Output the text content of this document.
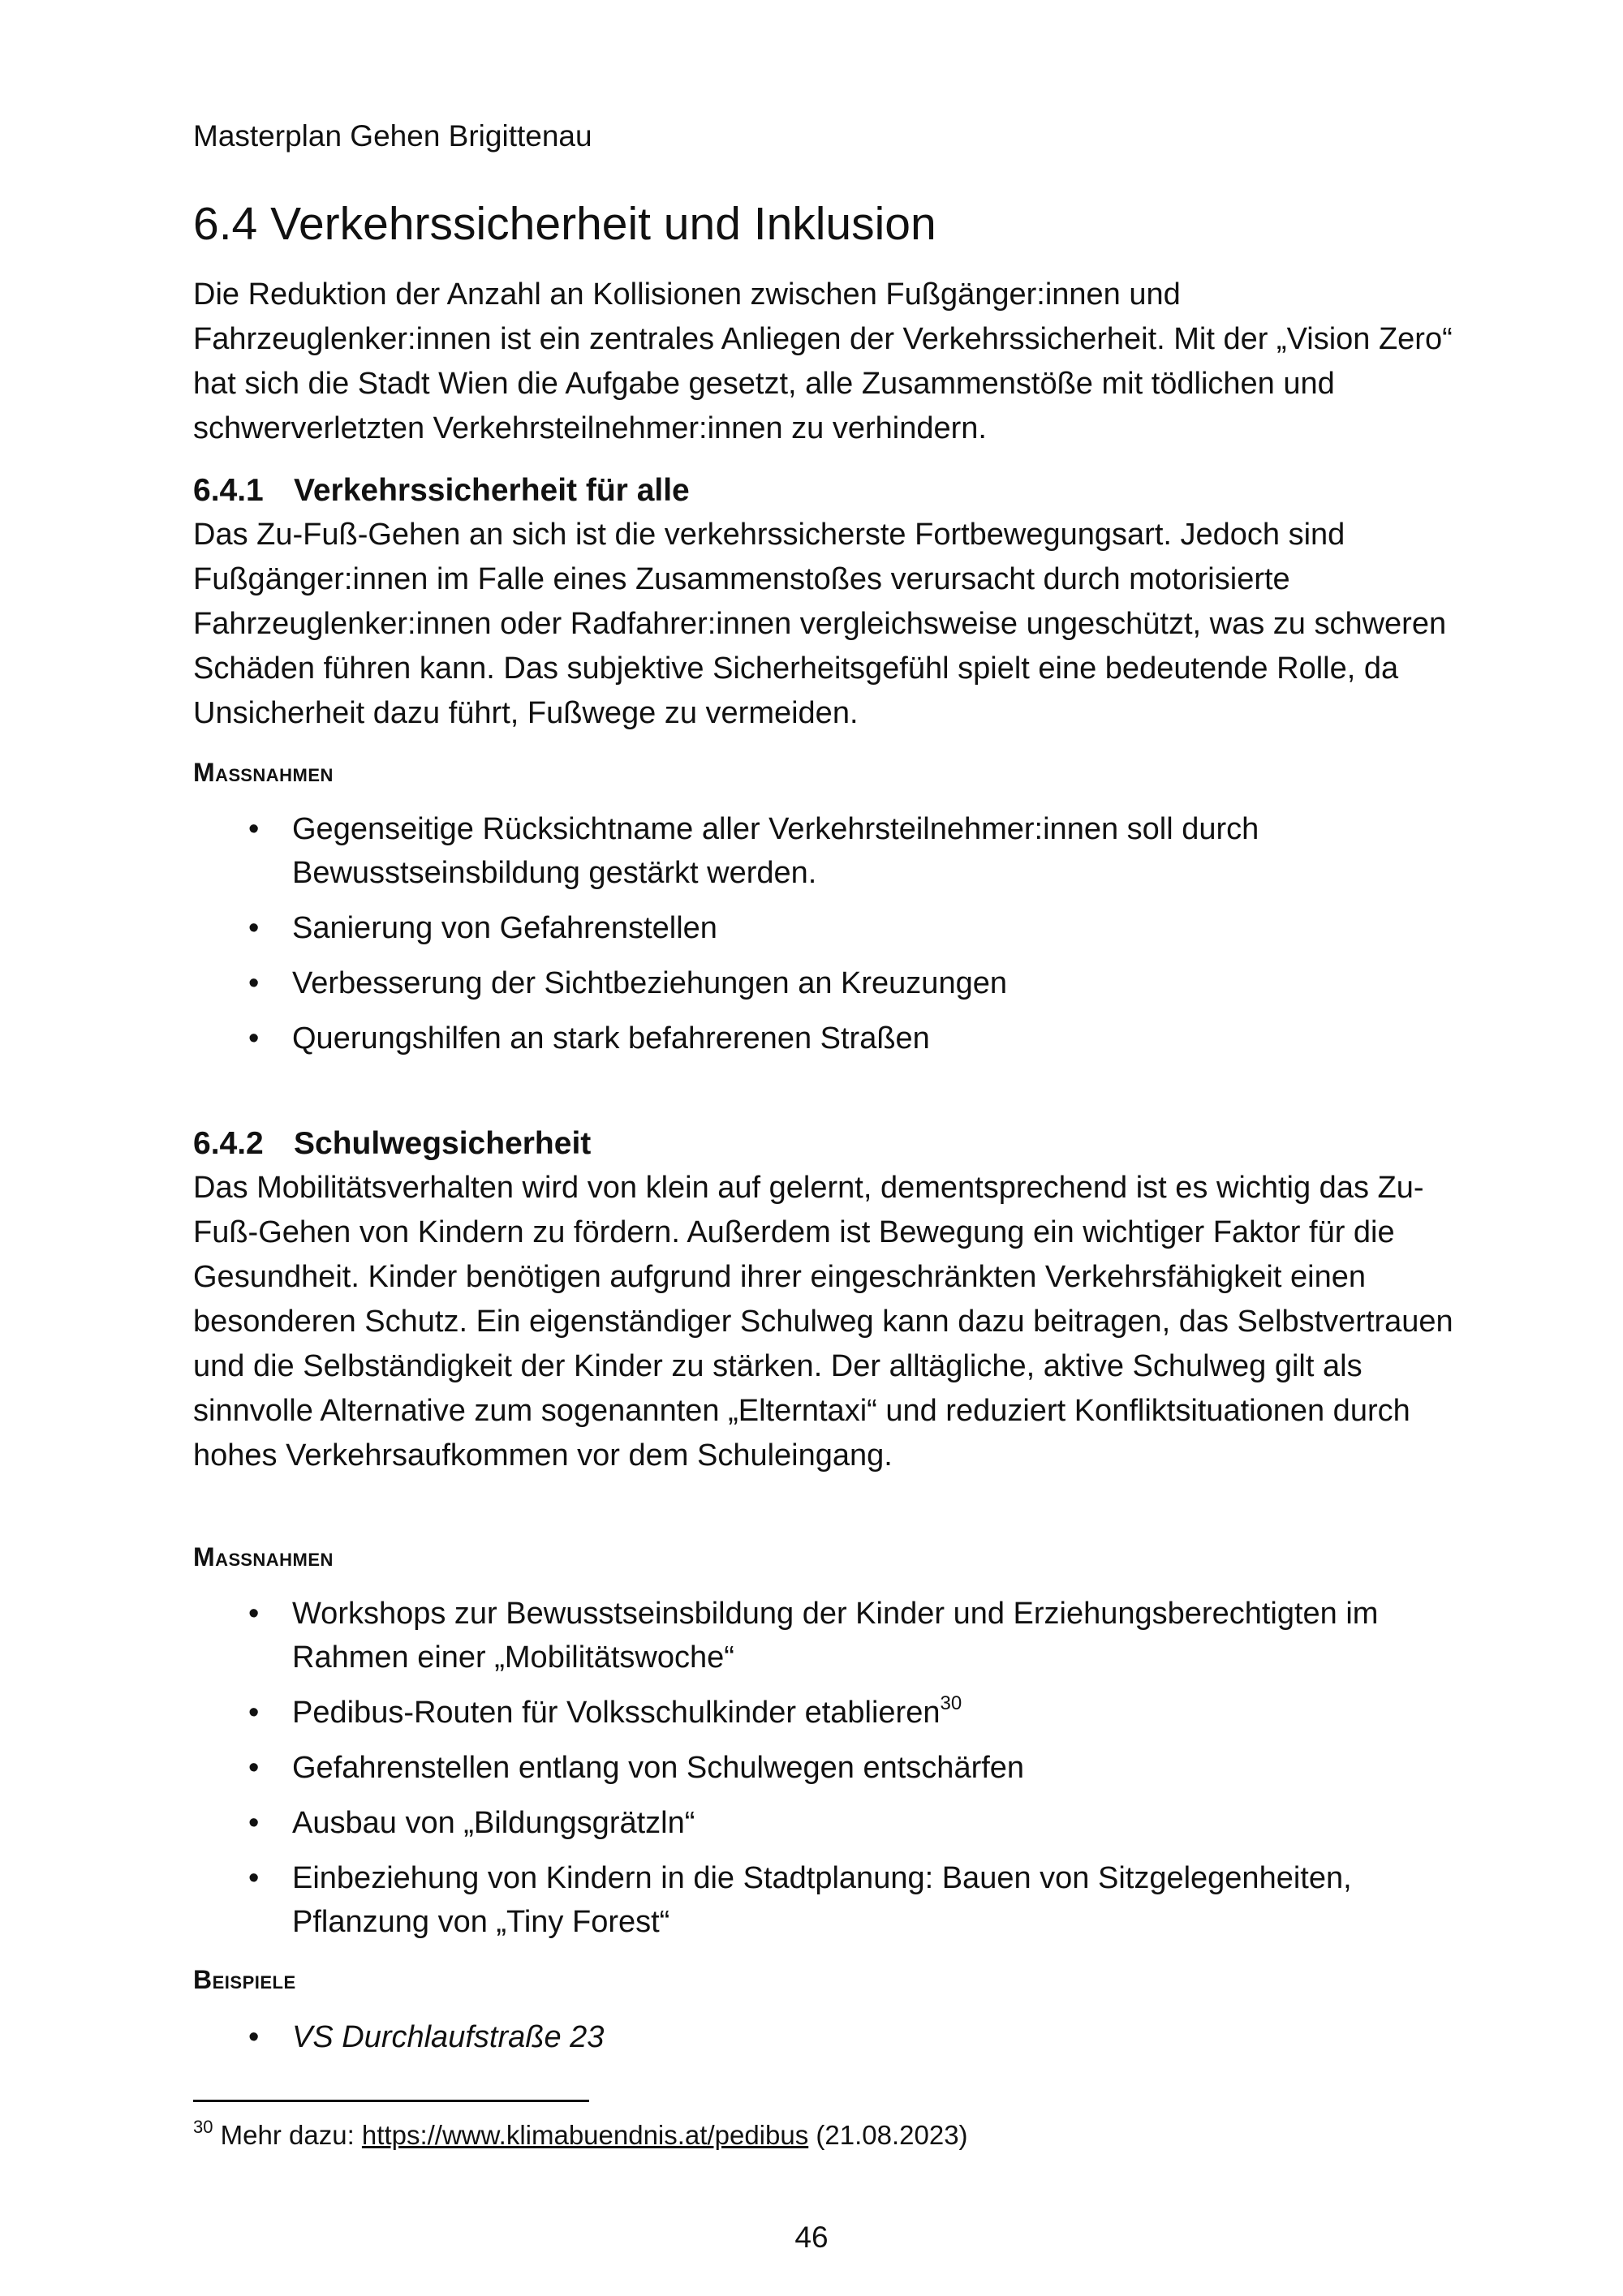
Masterplan Gehen Brigittenau
6.4 Verkehrssicherheit und Inklusion

Die Reduktion der Anzahl an Kollisionen zwischen Fußgänger:innen und Fahrzeuglenker:innen ist ein zentrales Anliegen der Verkehrssicherheit. Mit der „Vision Zero“ hat sich die Stadt Wien die Aufgabe gesetzt, alle Zusammenstöße mit tödlichen und schwerverletzten Verkehrsteilnehmer:innen zu verhindern.

6.4.1 Verkehrssicherheit für alle

Das Zu-Fuß-Gehen an sich ist die verkehrssicherste Fortbewegungsart. Jedoch sind Fußgänger:innen im Falle eines Zusammenstoßes verursacht durch motorisierte Fahrzeuglenker:innen oder Radfahrer:innen vergleichsweise ungeschützt, was zu schweren Schäden führen kann. Das subjektive Sicherheitsgefühl spielt eine bedeutende Rolle, da Unsicherheit dazu führt, Fußwege zu vermeiden.

Maßnahmen
• Gegenseitige Rücksichtname aller Verkehrsteilnehmer:innen soll durch Bewusstseinsbildung gestärkt werden.
• Sanierung von Gefahrenstellen
• Verbesserung der Sichtbeziehungen an Kreuzungen
• Querungshilfen an stark befahrerenen Straßen
6.4.2 Schulwegsicherheit

Das Mobilitätsverhalten wird von klein auf gelernt, dementsprechend ist es wichtig das Zu-Fuß-Gehen von Kindern zu fördern. Außerdem ist Bewegung ein wichtiger Faktor für die Gesundheit. Kinder benötigen aufgrund ihrer eingeschränkten Verkehrsfähigkeit einen besonderen Schutz. Ein eigenständiger Schulweg kann dazu beitragen, das Selbstvertrauen und die Selbständigkeit der Kinder zu stärken. Der alltägliche, aktive Schulweg gilt als sinnvolle Alternative zum sogenannten „Elterntaxi“ und reduziert Konfliktsituationen durch hohes Verkehrsaufkommen vor dem Schuleingang.

Maßnahmen
• Workshops zur Bewusstseinsbildung der Kinder und Erziehungsberechtigten im Rahmen einer „Mobilitätswoche“
• Pedibus-Routen für Volksschulkinder etablieren$^{30}$
• Gefahrenstellen entlang von Schulwegen entschärfen
• Ausbau von „Bildungsgrätzln“
• Einbeziehung von Kindern in die Stadtplanung: Bauen von Sitzgelegenheiten, Pflanzung von „Tiny Forest“
Beispiele
• VS Durchlaufstraße 23
$^{30}$ Mehr dazu: https://www.klimabuendnis.at/pedibus (21.08.2023)
46
